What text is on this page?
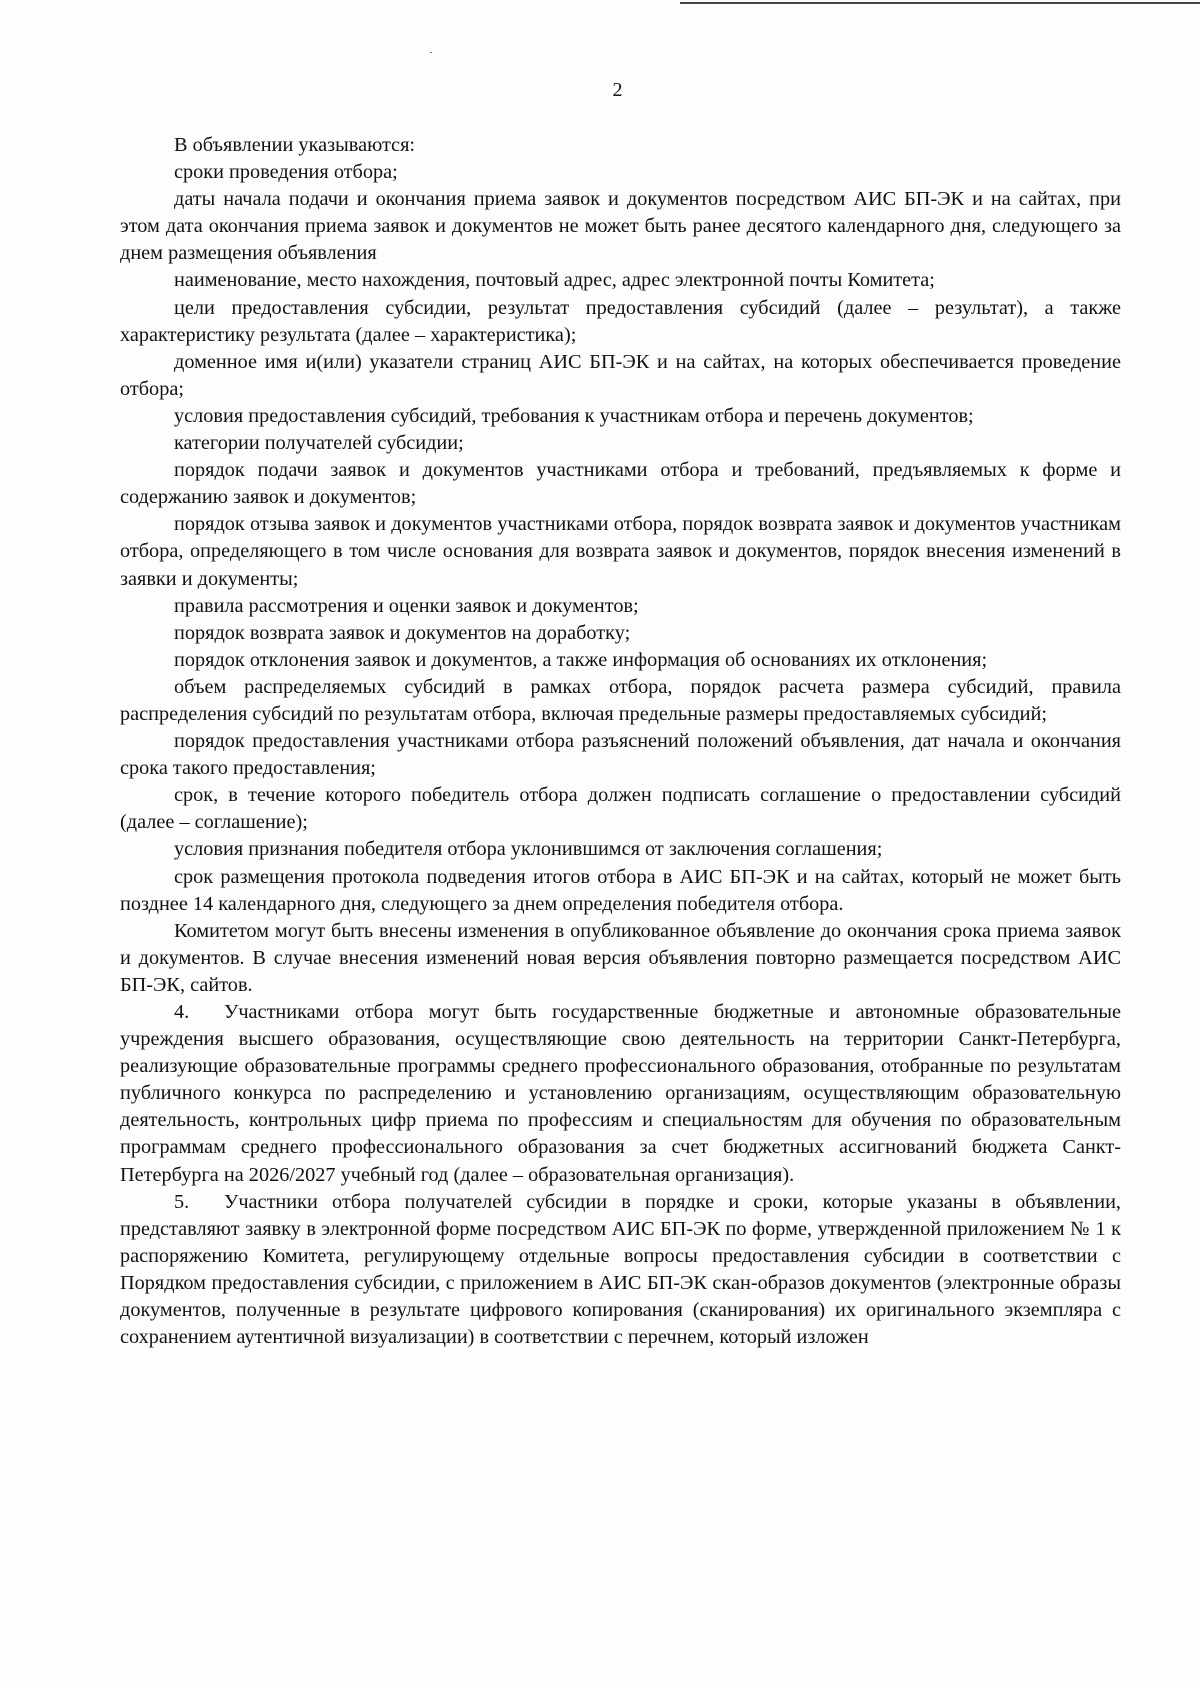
2

В объявлении указываются:

сроки проведения отбора;

даты начала подачи и окончания приема заявок и документов посредством АИС БП-ЭК и на сайтах, при этом дата окончания приема заявок и документов не может быть ранее десятого календарного дня, следующего за днем размещения объявления

наименование, место нахождения, почтовый адрес, адрес электронной почты Комитета;

цели предоставления субсидии, результат предоставления субсидий (далее – результат), а также характеристику результата (далее – характеристика);

доменное имя и(или) указатели страниц АИС БП-ЭК и на сайтах, на которых обеспечивается проведение отбора;

условия предоставления субсидий, требования к участникам отбора и перечень документов;

категории получателей субсидии;

порядок подачи заявок и документов участниками отбора и требований, предъявляемых к форме и содержанию заявок и документов;

порядок отзыва заявок и документов участниками отбора, порядок возврата заявок и документов участникам отбора, определяющего в том числе основания для возврата заявок и документов, порядок внесения изменений в заявки и документы;

правила рассмотрения и оценки заявок и документов;

порядок возврата заявок и документов на доработку;

порядок отклонения заявок и документов, а также информация об основаниях их отклонения;

объем распределяемых субсидий в рамках отбора, порядок расчета размера субсидий, правила распределения субсидий по результатам отбора, включая предельные размеры предоставляемых субсидий;

порядок предоставления участниками отбора разъяснений положений объявления, дат начала и окончания срока такого предоставления;

срок, в течение которого победитель отбора должен подписать соглашение о предоставлении субсидий (далее – соглашение);

условия признания победителя отбора уклонившимся от заключения соглашения;

срок размещения протокола подведения итогов отбора в АИС БП-ЭК и на сайтах, который не может быть позднее 14 календарного дня, следующего за днем определения победителя отбора.

Комитетом могут быть внесены изменения в опубликованное объявление до окончания срока приема заявок и документов. В случае внесения изменений новая версия объявления повторно размещается посредством АИС БП-ЭК, сайтов.

4. Участниками отбора могут быть государственные бюджетные и автономные образовательные учреждения высшего образования, осуществляющие свою деятельность на территории Санкт-Петербурга, реализующие образовательные программы среднего профессионального образования, отобранные по результатам публичного конкурса по распределению и установлению организациям, осуществляющим образовательную деятельность, контрольных цифр приема по профессиям и специальностям для обучения по образовательным программам среднего профессионального образования за счет бюджетных ассигнований бюджета Санкт-Петербурга на 2026/2027 учебный год (далее – образовательная организация).

5. Участники отбора получателей субсидии в порядке и сроки, которые указаны в объявлении, представляют заявку в электронной форме посредством АИС БП-ЭК по форме, утвержденной приложением № 1 к распоряжению Комитета, регулирующему отдельные вопросы предоставления субсидии в соответствии с Порядком предоставления субсидии, с приложением в АИС БП-ЭК скан-образов документов (электронные образы документов, полученные в результате цифрового копирования (сканирования) их оригинального экземпляра с сохранением аутентичной визуализации) в соответствии с перечнем, который изложен
